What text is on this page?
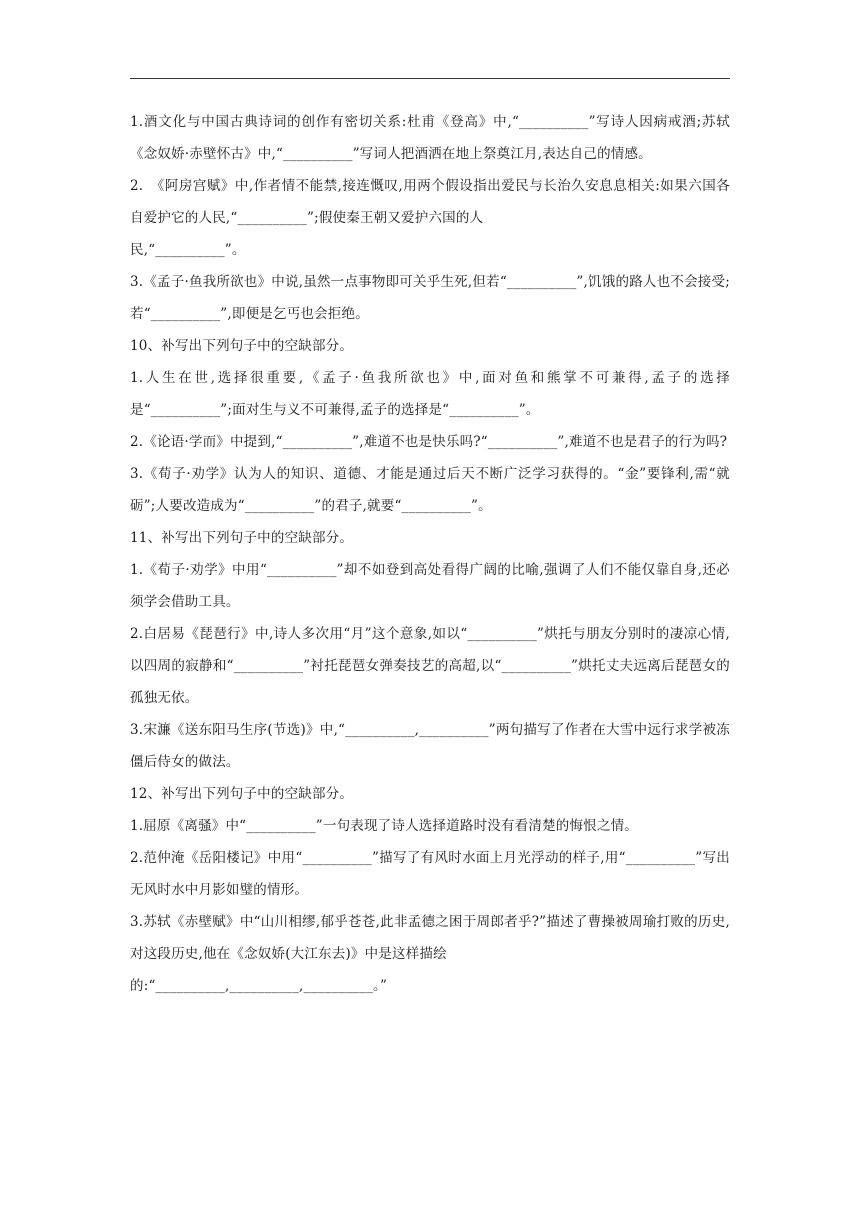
1.酒文化与中国古典诗词的创作有密切关系:杜甫《登高》中,“__________”写诗人因病戒酒;苏轼《念奴娇·赤壁怀古》中,“__________”写词人把酒洒在地上祭奠江月,表达自己的情感。

2.　《阿房宫赋》中,作者情不能禁,接连慨叹,用两个假设指出爱民与长治久安息息相关:如果六国各自爱护它的人民,“__________”;假使秦王朝又爱护六国的人

民,“__________”。

3.《孟子·鱼我所欲也》中说,虽然一点事物即可关乎生死,但若“__________”,饥饿的路人也不会接受;若“__________”,即便是乞丐也会拒绝。

10、补写出下列句子中的空缺部分。

1.人生在世,选择很重要,《孟子·鱼我所欲也》中,面对鱼和熊掌不可兼得,孟子的选择是“__________”;面对生与义不可兼得,孟子的选择是“__________”。

2.《论语·学而》中提到,“__________”,难道不也是快乐吗?“__________”,难道不也是君子的行为吗?

3.《荀子·劝学》认为人的知识、道德、才能是通过后天不断广泛学习获得的。“金”要锋利,需“就砺”;人要改造成为“__________”的君子,就要“__________”。

11、补写出下列句子中的空缺部分。

1.《荀子·劝学》中用“__________”却不如登到高处看得广阔的比喻,强调了人们不能仅靠自身,还必须学会借助工具。

2.白居易《琵琶行》中,诗人多次用“月”这个意象,如以“__________”烘托与朋友分别时的凄凉心情,以四周的寂静和“__________”衬托琵琶女弹奏技艺的高超,以“__________”烘托丈夫远离后琵琶女的孤独无依。

3.宋濂《送东阳马生序(节选)》中,“__________,__________”两句描写了作者在大雪中远行求学被冻僵后侍女的做法。

12、补写出下列句子中的空缺部分。

1.屈原《离骚》中“__________”一句表现了诗人选择道路时没有看清楚的悔恨之情。

2.范仲淹《岳阳楼记》中用“__________”描写了有风时水面上月光浮动的样子,用“__________”写出无风时水中月影如璧的情形。

3.苏轼《赤壁赋》中“山川相缪,郁乎苍苍,此非孟德之困于周郎者乎?”描述了曹操被周瑜打败的历史,对这段历史,他在《念奴娇(大江东去)》中是这样描绘

的:“__________,__________,__________。”
